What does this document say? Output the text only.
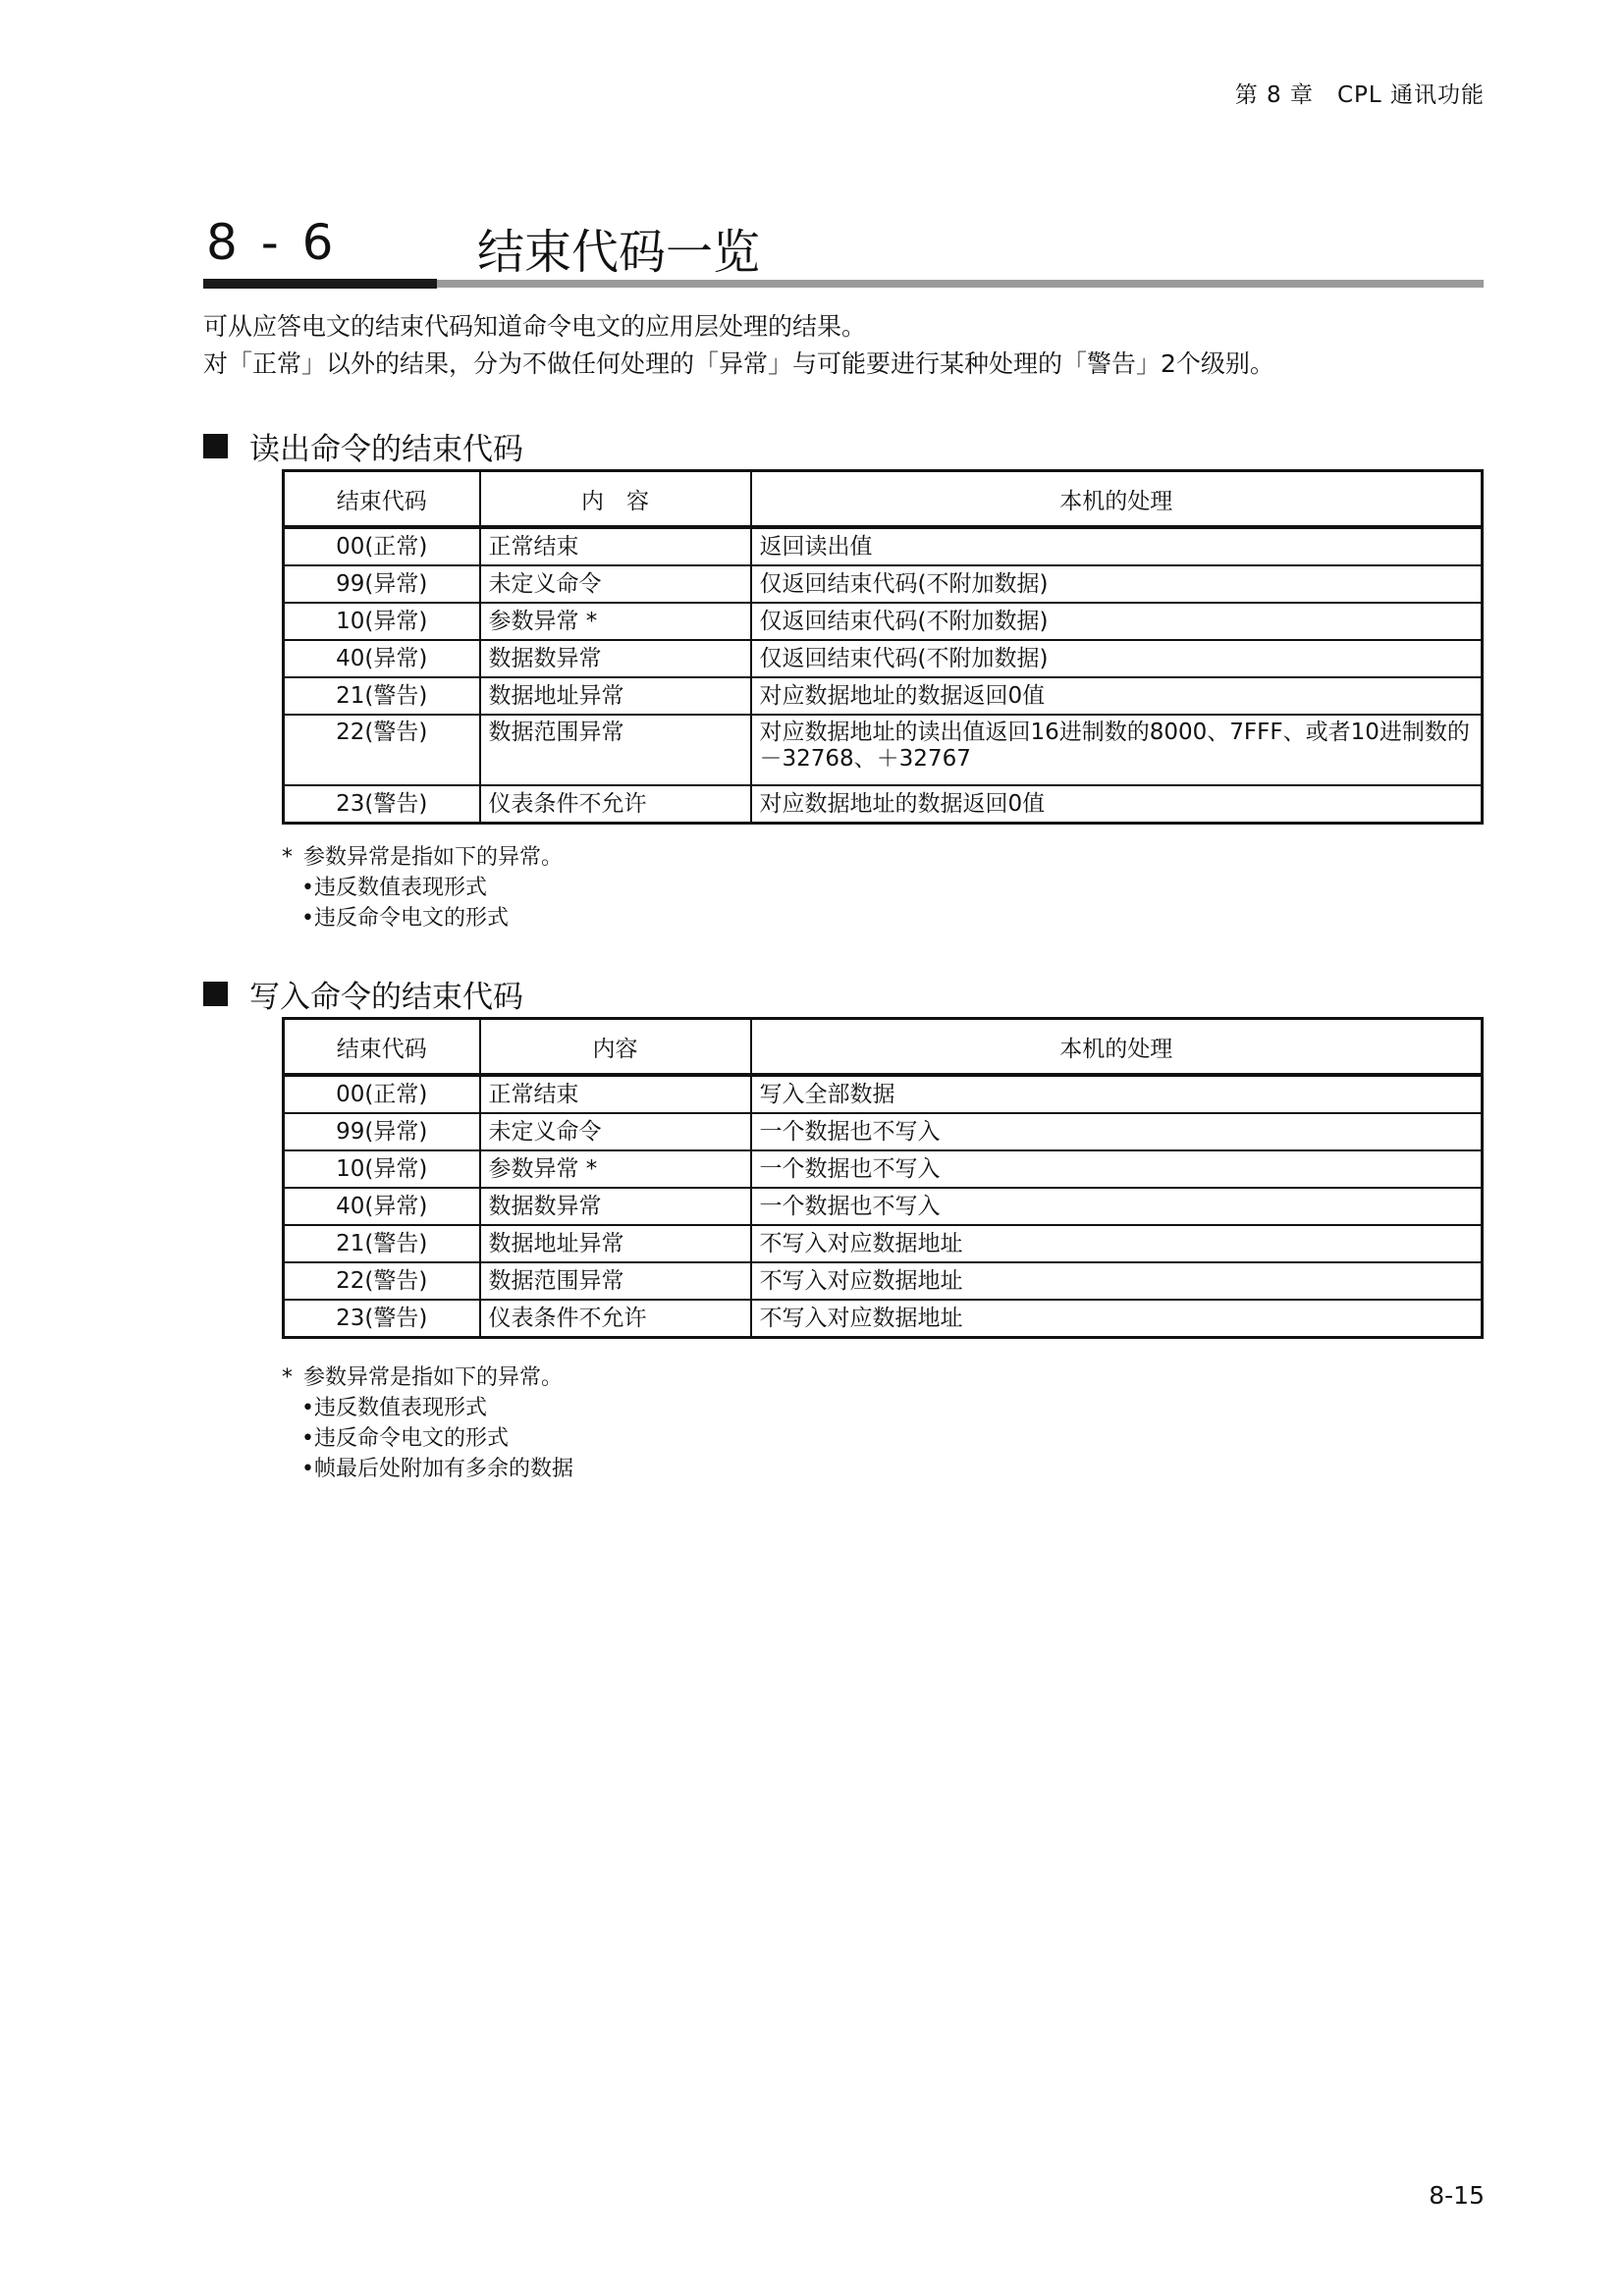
第 8 章　CPL 通讯功能
8 - 6	结束代码一览

可从应答电文的结束代码知道命令电文的应用层处理的结果。

对「正常」以外的结果，分为不做任何处理的「异常」与可能要进行某种处理的「警告」2个级别。

读出命令的结束代码
结束代码	内　容	本机的处理
00(正常)	正常结束	返回读出值
99(异常)	未定义命令	仅返回结束代码(不附加数据)
10(异常)	参数异常 *	仅返回结束代码(不附加数据)
40(异常)	数据数异常	仅返回结束代码(不附加数据)
21(警告)	数据地址异常	对应数据地址的数据返回0值
22(警告)	数据范围异常	对应数据地址的读出值返回16进制数的8000、7FFF、或者10进制数的－32768、＋32767
23(警告)	仪表条件不允许	对应数据地址的数据返回0值
* 参数异常是指如下的异常。
•违反数值表现形式
•违反命令电文的形式
写入命令的结束代码
结束代码	内容	本机的处理
00(正常)	正常结束	写入全部数据
99(异常)	未定义命令	一个数据也不写入
10(异常)	参数异常 *	一个数据也不写入
40(异常)	数据数异常	一个数据也不写入
21(警告)	数据地址异常	不写入对应数据地址
22(警告)	数据范围异常	不写入对应数据地址
23(警告)	仪表条件不允许	不写入对应数据地址
* 参数异常是指如下的异常。
•违反数值表现形式
•违反命令电文的形式
•帧最后处附加有多余的数据
8-15
